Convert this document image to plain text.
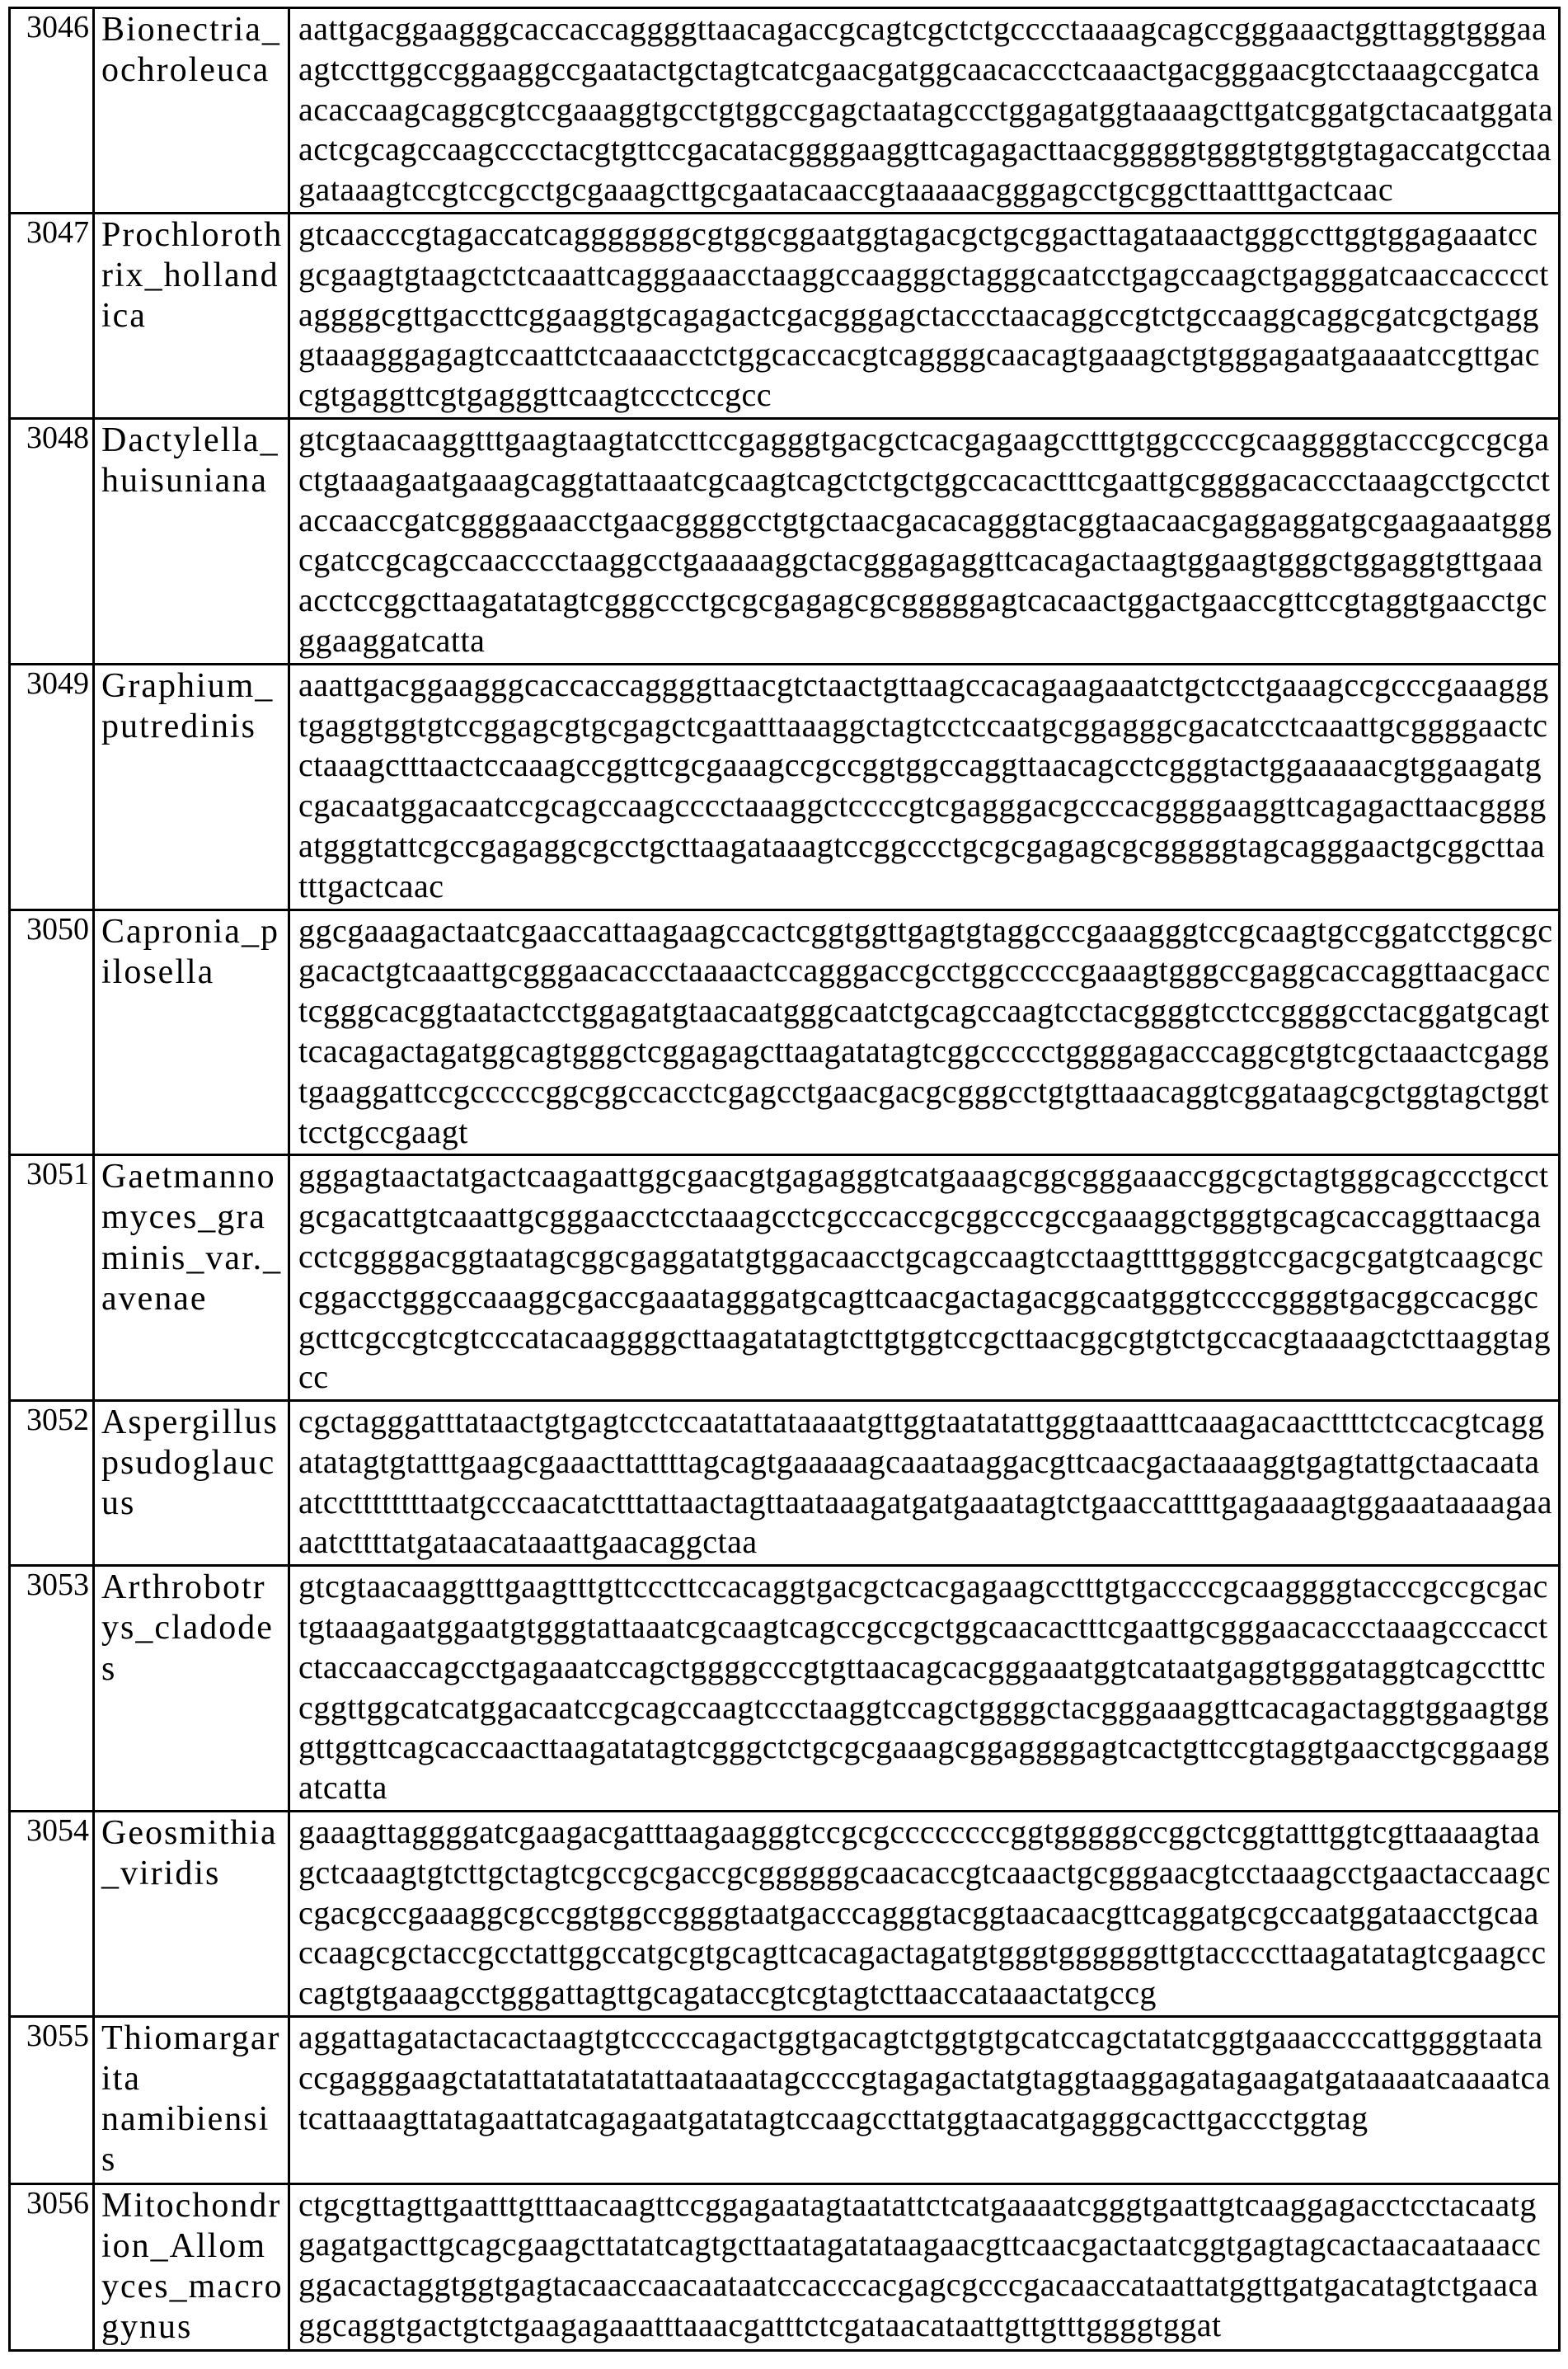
3046	Bionectria_ochroleuca	aattgacggaagggcaccaccaggggttaacagaccgcagtcgctctgcccctaaaagcagccgggaaactggttaggtgggaaagtccttggccggaaggccgaatactgctagtcatcgaacgatggcaacaccctcaaactgacgggaacgtcctaaagccgatcaacaccaagcaggcgtccgaaaggtgcctgtggccgagctaatagccctggagatggtaaaagcttgatcggatgctacaatggataactcgcagccaagcccctacgtgttccgacatacggggaaggttcagagacttaacgggggtgggtgtggtgtagaccatgcctaagataaagtccgtccgcctgcgaaagcttgcgaatacaaccgtaaaaacgggagcctgcggcttaatttgactcaac
3047	Prochlorothrix_hollandica	gtcaacccgtagaccatcagggggggcgtggcggaatggtagacgctgcggacttagataaactgggccttggtggagaaatccgcgaagtgtaagctctcaaattcagggaaacctaaggccaagggctagggcaatcctgagccaagctgagggatcaaccacccctaggggcgttgaccttcggaaggtgcagagactcgacgggagctaccctaacaggccgtctgccaaggcaggcgatcgctgagggtaaagggagagtccaattctcaaaacctctggcaccacgtcaggggcaacagtgaaagctgtgggagaatgaaaatccgttgaccgtgaggttcgtgagggttcaagtccctccgcc
3048	Dactylella_huisuniana	gtcgtaacaaggtttgaagtaagtatccttccgagggtgacgctcacgagaagcctttgtggccccgcaaggggtacccgccgcgactgtaaagaatgaaagcaggtattaaatcgcaagtcagctctgctggccacactttcgaattgcggggacaccctaaagcctgcctctaccaaccgatcggggaaacctgaacggggcctgtgctaacgacacagggtacggtaacaacgaggaggatgcgaagaaatgggcgatccgcagccaacccctaaggcctgaaaaaggctacgggagaggttcacagactaagtggaagtgggctggaggtgttgaaaacctccggcttaagatatagtcgggccctgcgcgagagcgcgggggagtcacaactggactgaaccgttccgtaggtgaacctgcggaaggatcatta
3049	Graphium_putredinis	aaattgacggaagggcaccaccaggggttaacgtctaactgttaagccacagaagaaatctgctcctgaaagccgcccgaaagggtgaggtggtgtccggagcgtgcgagctcgaatttaaaggctagtcctccaatgcggagggcgacatcctcaaattgcggggaactcctaaagctttaactccaaagccggttcgcgaaagccgccggtggccaggttaacagcctcgggtactggaaaaacgtggaagatgcgacaatggacaatccgcagccaagcccctaaaggctccccgtcgagggacgcccacggggaaggttcagagacttaacggggatgggtattcgccgagaggcgcctgcttaagataaagtccggccctgcgcgagagcgcgggggtagcagggaactgcggcttaatttgactcaac
3050	Capronia_pilosella	ggcgaaagactaatcgaaccattaagaagccactcggtggttgagtgtaggcccgaaagggtccgcaagtgccggatcctggcgcgacactgtcaaattgcgggaacaccctaaaactccagggaccgcctggcccccgaaagtgggccgaggcaccaggttaacgacctcgggcacggtaatactcctggagatgtaacaatgggcaatctgcagccaagtcctacggggtcctccggggcctacggatgcagttcacagactagatggcagtgggctcggagagcttaagatatagtcggccccctggggagacccaggcgtgtcgctaaactcgaggtgaaggattccgcccccggcggccacctcgagcctgaacgacgcgggcctgtgttaaacaggtcggataagcgctggtagctggttcctgccgaagt
3051	Gaetmannomyces_graminis_var._avenae	gggagtaactatgactcaagaattggcgaacgtgagagggtcatgaaagcggcgggaaaccggcgctagtgggcagccctgcctgcgacattgtcaaattgcgggaacctcctaaagcctcgcccaccgcggcccgccgaaaggctgggtgcagcaccaggttaacgacctcggggacggtaatagcggcgaggatatgtggacaacctgcagccaagtcctaagttttggggtccgacgcgatgtcaagcgccggacctgggccaaaggcgaccgaaatagggatgcagttcaacgactagacggcaatgggtccccggggtgacggccacggcgcttcgccgtcgtcccatacaaggggcttaagatatagtcttgtggtccgcttaacggcgtgtctgccacgtaaaagctcttaaggtagcc
3052	Aspergillus psudoglaucus	cgctagggatttataactgtgagtcctccaatattataaaatgttggtaatatattgggtaaatttcaaagacaacttttctccacgtcaggatatagtgtatttgaagcgaaacttattttagcagtgaaaaagcaaataaggacgttcaacgactaaaaggtgagtattgctaacaataatccttttttttaatgcccaacatctttattaactagttaataaagatgatgaaatagtctgaaccattttgagaaaagtggaaataaaagaaaatcttttatgataacataaattgaacaggctaa
3053	Arthrobotrys_cladodes	gtcgtaacaaggtttgaagtttgttcccttccacaggtgacgctcacgagaagcctttgtgaccccgcaaggggtacccgccgcgactgtaaagaatggaatgtgggtattaaatcgcaagtcagccgccgctggcaacactttcgaattgcgggaacaccctaaagcccacctctaccaaccagcctgagaaatccagctggggcccgtgttaacagcacgggaaatggtcataatgaggtgggataggtcagcctttccggttggcatcatggacaatccgcagccaagtccctaaggtccagctggggctacgggaaaggttcacagactaggtggaagtgggttggttcagcaccaacttaagatatagtcgggctctgcgcgaaagcggaggggagtcactgttccgtaggtgaacctgcggaaggatcatta
3054	Geosmithia_viridis	gaaagttaggggatcgaagacgatttaagaagggtccgcgccccccccggtgggggccggctcggtatttggtcgttaaaagtaagctcaaagtgtcttgctagtcgccgcgaccgcggggggcaacaccgtcaaactgcgggaacgtcctaaagcctgaactaccaagccgacgccgaaaggcgccggtggccggggtaatgacccagggtacggtaacaacgttcaggatgcgccaatggataacctgcaaccaagcgctaccgcctattggccatgcgtgcagttcacagactagatgtgggtggggggttgtaccccttaagatatagtcgaagcccagtgtgaaagcctgggattagttgcagataccgtcgtagtcttaaccataaactatgccg
3055	Thiomargarita namibiensis	aggattagatactacactaagtgtcccccagactggtgacagtctggtgtgcatccagctatatcggtgaaaccccattggggtaataccgagggaagctatattatatatatattaataaatagccccgtagagactatgtaggtaaggagatagaagatgataaaatcaaaatcatcattaaagttatagaattatcagagaatgatatagtccaagccttatggtaacatgagggcacttgaccctggtag
3056	Mitochondrion_Allomyces_macrogynus	ctgcgttagttgaatttgtttaacaagttccggagaatagtaatattctcatgaaaatcgggtgaattgtcaaggagacctcctacaatggagatgacttgcagcgaagcttatatcagtgcttaatagatataagaacgttcaacgactaatcggtgagtagcactaacaataaaccggacactaggtggtgagtacaaccaacaataatccacccacgagcgcccgacaaccataattatggttgatgacatagtctgaacaggcaggtgactgtctgaagagaaatttaaacgatttctcgataacataattgttgtttggggtggat
